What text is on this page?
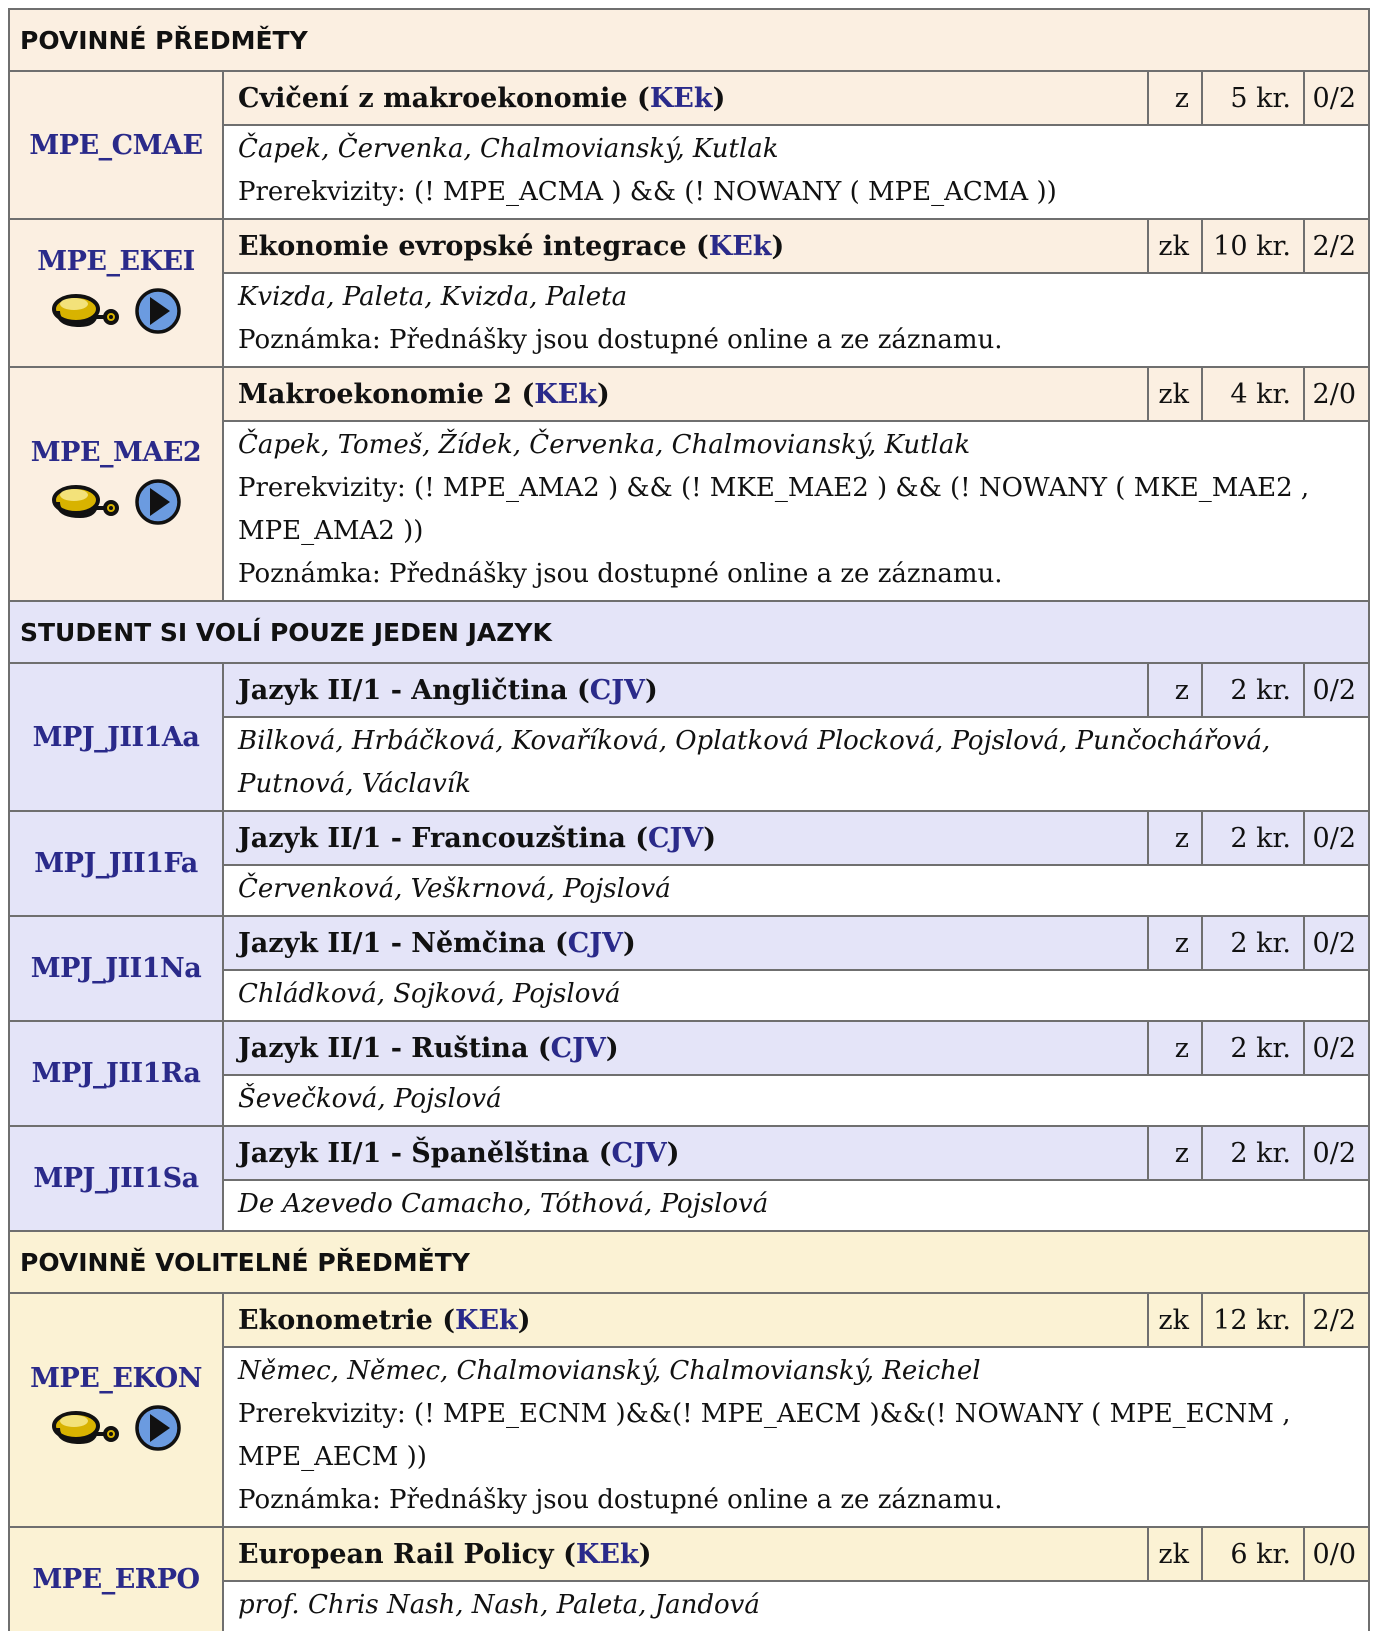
POVINNÉ PŘEDMĚTY
MPE_CMAE
Cvičení z makroekonomie ( KEk )	z	5 kr. 0/2
Čapek, Červenka, Chalmovianský, Kutlak
Prerekvizity: (! MPE_ACMA ) && (! NOWANY ( MPE_ACMA ))
MPE_EKEI Ekonomie evropské integrace ( KEk )	zk 10 kr. 2/2
Kvizda, Paleta, Kvizda, Paleta
Poznámka: Přednášky jsou dostupné online a ze záznamu.
MPE_MAE2
Makroekonomie 2 ( KEk )	zk	4 kr. 2/0
Čapek, Tomeš, Žídek, Červenka, Chalmovianský, Kutlak
Prerekvizity: (! MPE_AMA2 ) && (! MKE_MAE2 ) && (! NOWANY ( MKE_MAE2 , MPE_AMA2 ))
Poznámka: Přednášky jsou dostupné online a ze záznamu.
STUDENT SI VOLÍ POUZE JEDEN JAZYK
MPJ_JII1Aa
Jazyk II/1 - Angličtina ( CJV )	z	2 kr. 0/2
Bilková, Hrbáčková, Kovaříková, Oplatková Plocková, Pojslová, Punčochářová, Putnová, Václavík
MPJ_JII1Fa
Jazyk II/1 - Francouzština ( CJV )	z	2 kr. 0/2
Červenková, Veškrnová, Pojslová
MPJ_JII1Na
Jazyk II/1 - Němčina ( CJV )	z	2 kr. 0/2
Chládková, Sojková, Pojslová
MPJ_JII1Ra
Jazyk II/1 - Ruština ( CJV )	z	2 kr. 0/2
Ševečková, Pojslová
MPJ_JII1Sa
Jazyk II/1 - Španělština ( CJV )	z	2 kr. 0/2
De Azevedo Camacho, Tóthová, Pojslová
POVINNĚ VOLITELNÉ PŘEDMĚTY
MPE_EKON
Ekonometrie ( KEk )	zk 12 kr. 2/2
Němec, Němec, Chalmovianský, Chalmovianský, Reichel
Prerekvizity: (! MPE_ECNM )&&(! MPE_AECM )&&(! NOWANY ( MPE_ECNM , MPE_AECM ))
Poznámka: Přednášky jsou dostupné online a ze záznamu.
MPE_ERPO
European Rail Policy ( KEk )	zk	6 kr. 0/0
prof. Chris Nash, Nash, Paleta, Jandová
